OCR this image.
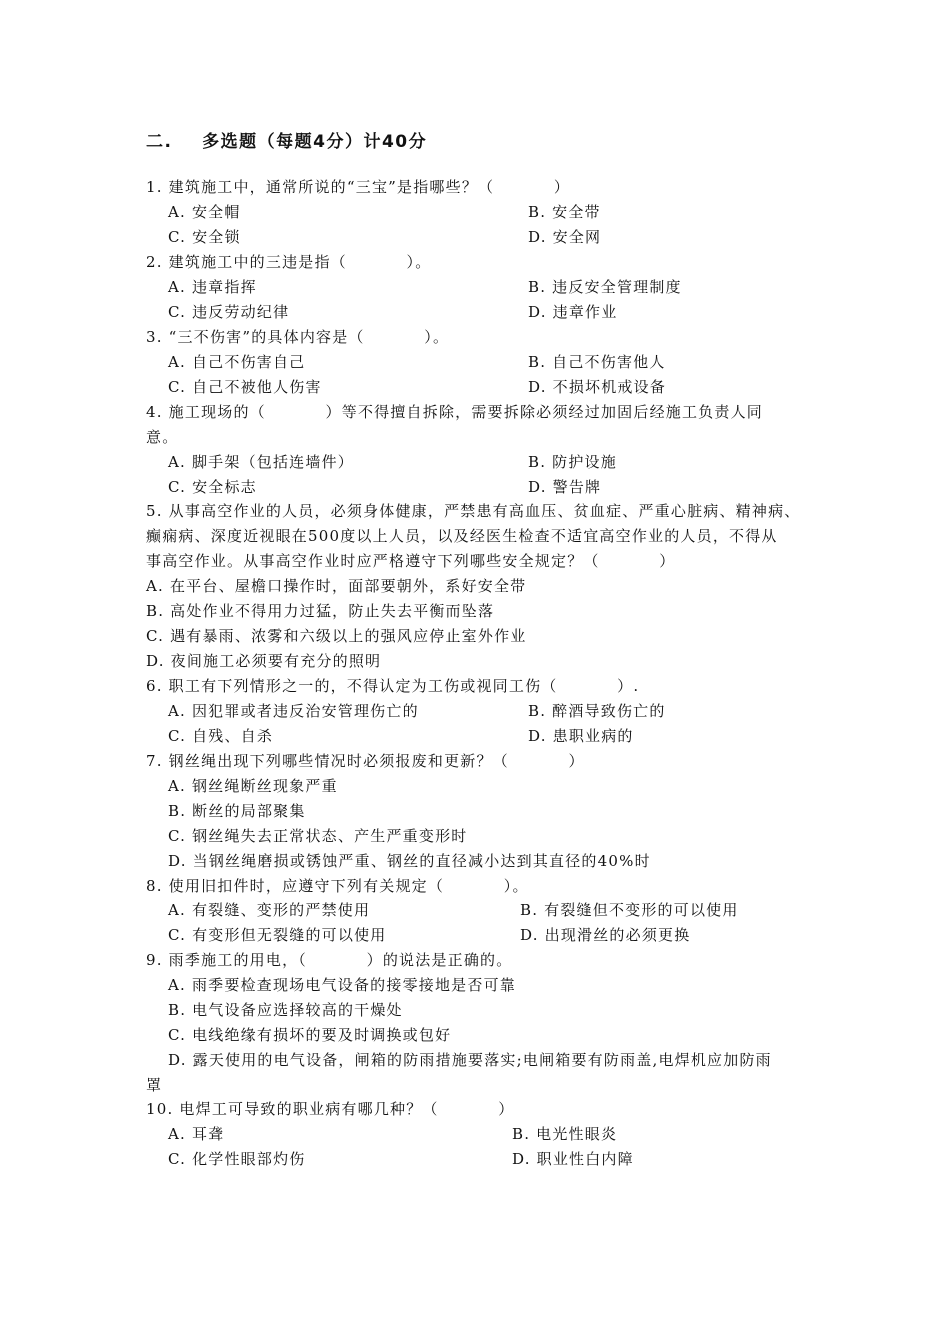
二.    多选题（每题4分）计40分
1. 建筑施工中，通常所说的“三宝”是指哪些？（          ）
A. 安全帽	B. 安全带
C. 安全锁	D. 安全网
2. 建筑施工中的三违是指（          ）。
A. 违章指挥	B. 违反安全管理制度
C. 违反劳动纪律	D. 违章作业
3. “三不伤害”的具体内容是（          ）。
A. 自己不伤害自己	B. 自己不伤害他人
C. 自己不被他人伤害	D. 不损坏机戒设备
4. 施工现场的（          ）等不得擅自拆除，需要拆除必须经过加固后经施工负责人同
意。
A. 脚手架（包括连墙件）	B. 防护设施
C. 安全标志	D. 警告牌
5. 从事高空作业的人员，必须身体健康，严禁患有高血压、贫血症、严重心脏病、精神病、
癫痫病、深度近视眼在500度以上人员，以及经医生检查不适宜高空作业的人员，不得从
事高空作业。从事高空作业时应严格遵守下列哪些安全规定？（          ）
A. 在平台、屋檐口操作时，面部要朝外，系好安全带
B. 高处作业不得用力过猛，防止失去平衡而坠落
C. 遇有暴雨、浓雾和六级以上的强风应停止室外作业
D. 夜间施工必须要有充分的照明
6. 职工有下列情形之一的，不得认定为工伤或视同工伤（          ）.
A. 因犯罪或者违反治安管理伤亡的	B. 醉酒导致伤亡的
C. 自残、自杀	D. 患职业病的
7. 钢丝绳出现下列哪些情况时必须报废和更新？（          ）
A. 钢丝绳断丝现象严重
B. 断丝的局部聚集
C. 钢丝绳失去正常状态、产生严重变形时
D. 当钢丝绳磨损或锈蚀严重、钢丝的直径减小达到其直径的40%时
8. 使用旧扣件时，应遵守下列有关规定（          ）。
A. 有裂缝、变形的严禁使用	B. 有裂缝但不变形的可以使用
C. 有变形但无裂缝的可以使用	D. 出现滑丝的必须更换
9. 雨季施工的用电，（          ）的说法是正确的。
A. 雨季要检查现场电气设备的接零接地是否可靠
B. 电气设备应选择较高的干燥处
C. 电线绝缘有损坏的要及时调换或包好
D. 露天使用的电气设备，闸箱的防雨措施要落实;电闸箱要有防雨盖,电焊机应加防雨
罩
10. 电焊工可导致的职业病有哪几种？（          ）
A. 耳聋	B. 电光性眼炎
C. 化学性眼部灼伤	D. 职业性白内障
